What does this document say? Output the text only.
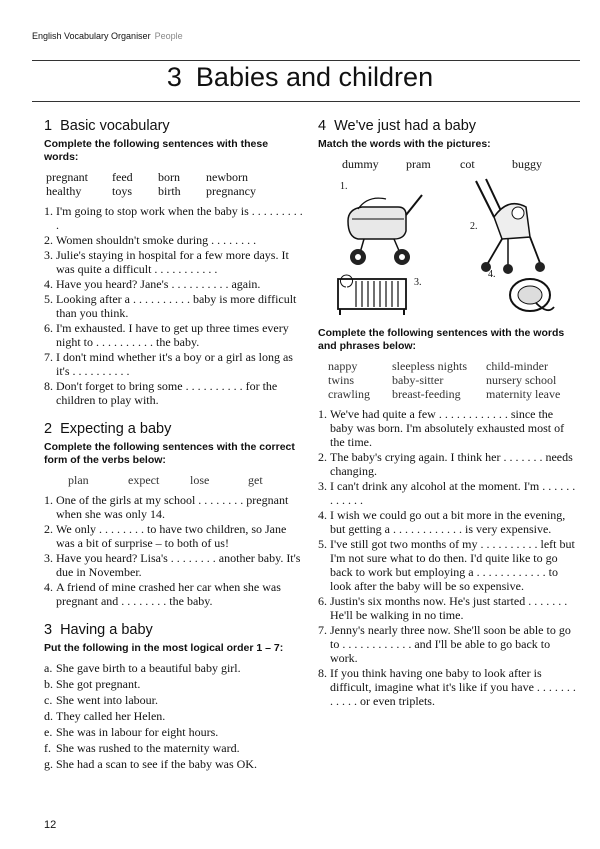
English Vocabulary Organiser People
3 Babies and children
1 Basic vocabulary

Complete the following sentences with these words:

pregnant	feed	born	newborn
healthy	toys	birth	pregnancy
1. I'm going to stop work when the baby is . . . . . . . . . .
2. Women shouldn't smoke during . . . . . . . .
3. Julie's staying in hospital for a few more days. It was quite a difficult . . . . . . . . . . .
4. Have you heard? Jane's . . . . . . . . . . again.
5. Looking after a . . . . . . . . . . baby is more difficult than you think.
6. I'm exhausted. I have to get up three times every night to . . . . . . . . . . the baby.
7. I don't mind whether it's a boy or a girl as long as it's . . . . . . . . . .
8. Don't forget to bring some . . . . . . . . . . for the children to play with.
2 Expecting a baby

Complete the following sentences with the correct form of the verbs below:

plan	expect	lose	get
1. One of the girls at my school . . . . . . . . pregnant when she was only 14.
2. We only . . . . . . . . to have two children, so Jane was a bit of surprise – to both of us!
3. Have you heard? Lisa's . . . . . . . . another baby. It's due in November.
4. A friend of mine crashed her car when she was pregnant and . . . . . . . . the baby.
3 Having a baby

Put the following in the most logical order 1 – 7:

a. She gave birth to a beautiful baby girl.
b. She got pregnant.
c. She went into labour.
d. They called her Helen.
e. She was in labour for eight hours.
f. She was rushed to the maternity ward.
g. She had a scan to see if the baby was OK.
4 We've just had a baby

Match the words with the pictures:

dummy	pram	cot	buggy
1.
2.
3.
4.

Complete the following sentences with the words and phrases below:

nappy	sleepless nights	child-minder
twins	baby-sitter	nursery school
crawling	breast-feeding	maternity leave
1. We've had quite a few . . . . . . . . . . . . since the baby was born. I'm absolutely exhausted most of the time.
2. The baby's crying again. I think her . . . . . . . needs changing.
3. I can't drink any alcohol at the moment. I'm . . . . . . . . . . . .
4. I wish we could go out a bit more in the evening, but getting a . . . . . . . . . . . . is very expensive.
5. I've still got two months of my . . . . . . . . . . left but I'm not sure what to do then. I'd quite like to go back to work but employing a . . . . . . . . . . . . to look after the baby will be so expensive.
6. Justin's six months now. He's just started . . . . . . . He'll be walking in no time.
7. Jenny's nearly three now. She'll soon be able to go to . . . . . . . . . . . . and I'll be able to go back to work.
8. If you think having one baby to look after is difficult, imagine what it's like if you have . . . . . . . . . . . . or even triplets.
12
